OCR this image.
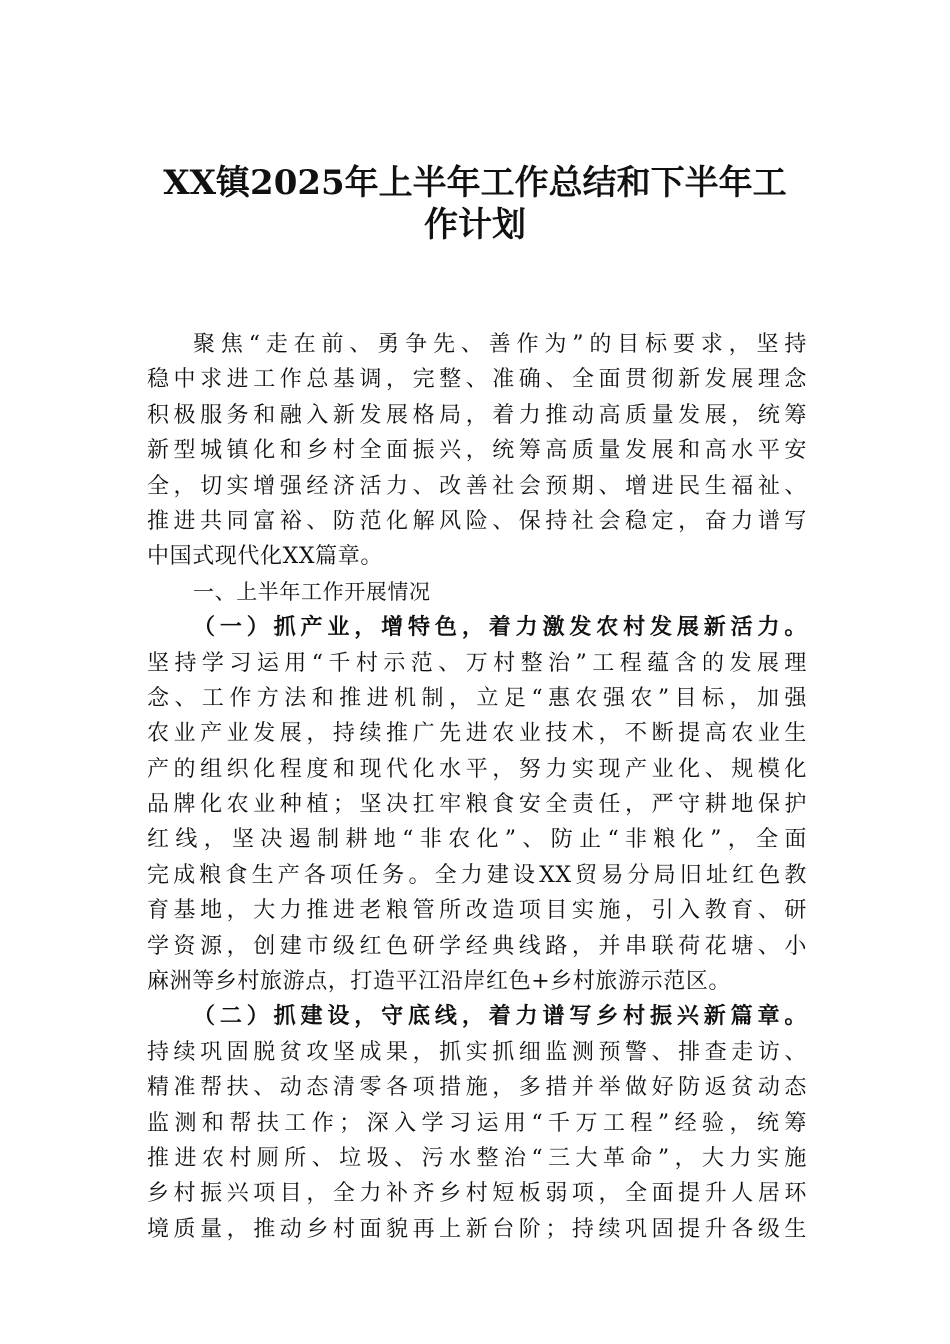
XX镇2025年上半年工作总结和下半年工
作计划
聚焦“走在前、勇争先、善作为”的目标要求，坚持
稳中求进工作总基调，完整、准确、全面贯彻新发展理念
积极服务和融入新发展格局，着力推动高质量发展，统筹
新型城镇化和乡村全面振兴，统筹高质量发展和高水平安
全，切实增强经济活力、改善社会预期、增进民生福祉、
推进共同富裕、防范化解风险、保持社会稳定，奋力谱写
中国式现代化XX篇章。
一、上半年工作开展情况
（一）抓产业，增特色，着力激发农村发展新活力。
坚持学习运用“千村示范、万村整治”工程蕴含的发展理
念、工作方法和推进机制，立足“惠农强农”目标，加强
农业产业发展，持续推广先进农业技术，不断提高农业生
产的组织化程度和现代化水平，努力实现产业化、规模化
品牌化农业种植；坚决扛牢粮食安全责任，严守耕地保护
红线，坚决遏制耕地“非农化”、防止“非粮化”，全面
完成粮食生产各项任务。全力建设XX贸易分局旧址红色教
育基地，大力推进老粮管所改造项目实施，引入教育、研
学资源，创建市级红色研学经典线路，并串联荷花塘、小
麻洲等乡村旅游点，打造平江沿岸红色+乡村旅游示范区。
（二）抓建设，守底线，着力谱写乡村振兴新篇章。
持续巩固脱贫攻坚成果，抓实抓细监测预警、排查走访、
精准帮扶、动态清零各项措施，多措并举做好防返贫动态
监测和帮扶工作；深入学习运用“千万工程”经验，统筹
推进农村厕所、垃圾、污水整治“三大革命”，大力实施
乡村振兴项目，全力补齐乡村短板弱项，全面提升人居环
境质量，推动乡村面貌再上新台阶；持续巩固提升各级生
